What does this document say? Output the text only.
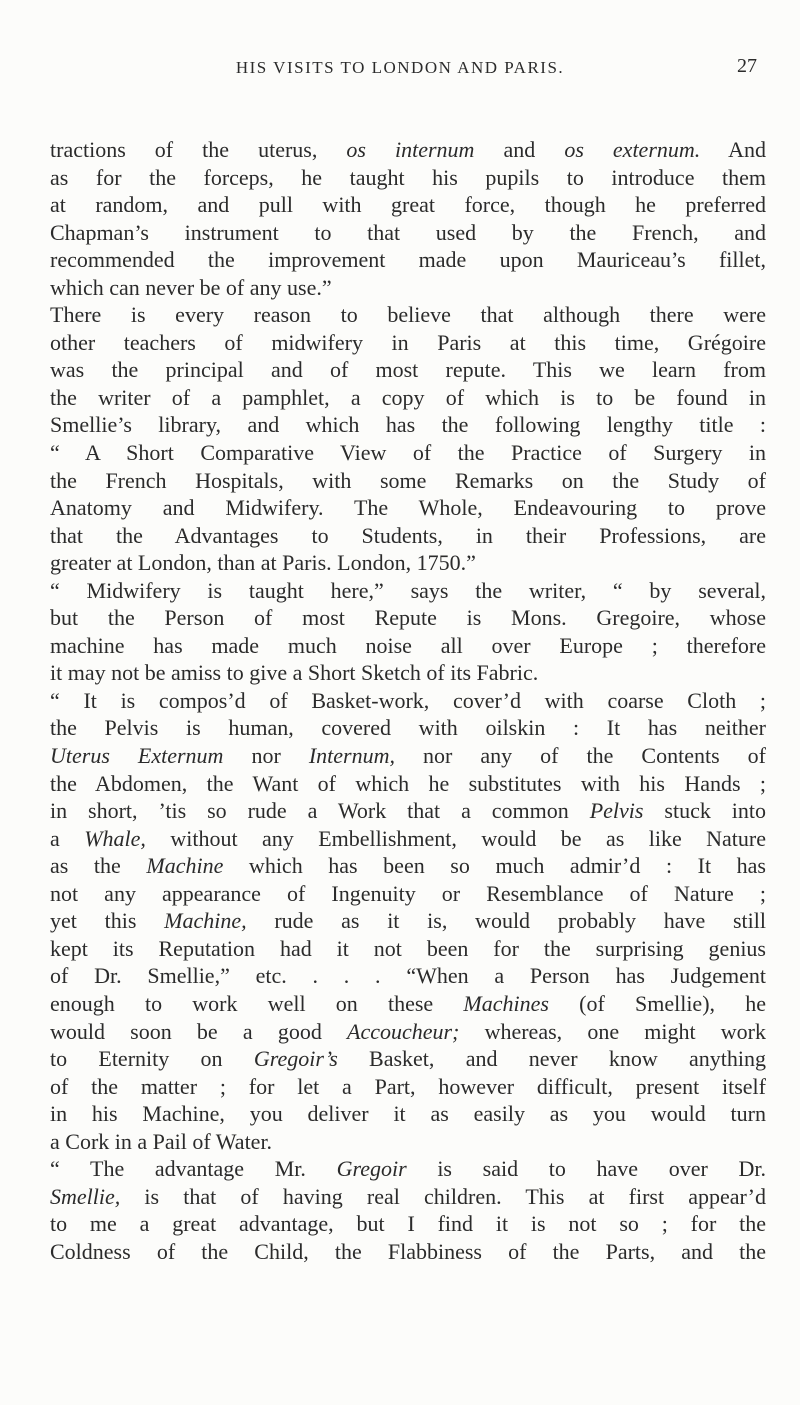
HIS VISITS TO LONDON AND PARIS.	27
tractions of the uterus, os internum and os externum. And
as for the forceps, he taught his pupils to introduce them
at random, and pull with great force, though he preferred
Chapman’s instrument to that used by the French, and
recommended the improvement made upon Mauriceau’s fillet,
which can never be of any use.”
There is every reason to believe that although there were
other teachers of midwifery in Paris at this time, Grégoire
was the principal and of most repute. This we learn from
the writer of a pamphlet, a copy of which is to be found in
Smellie’s library, and which has the following lengthy title :
“ A Short Comparative View of the Practice of Surgery in
the French Hospitals, with some Remarks on the Study of
Anatomy and Midwifery. The Whole, Endeavouring to prove
that the Advantages to Students, in their Professions, are
greater at London, than at Paris. London, 1750.”
“ Midwifery is taught here,” says the writer, “ by several,
but the Person of most Repute is Mons. Gregoire, whose
machine has made much noise all over Europe ; therefore
it may not be amiss to give a Short Sketch of its Fabric.
“ It is compos’d of Basket-work, cover’d with coarse Cloth ;
the Pelvis is human, covered with oilskin : It has neither
Uterus Externum nor Internum, nor any of the Contents of
the Abdomen, the Want of which he substitutes with his Hands ;
in short, ’tis so rude a Work that a common Pelvis stuck into
a Whale, without any Embellishment, would be as like Nature
as the Machine which has been so much admir’d : It has
not any appearance of Ingenuity or Resemblance of Nature ;
yet this Machine, rude as it is, would probably have still
kept its Reputation had it not been for the surprising genius
of Dr. Smellie,” etc. . . . “When a Person has Judgement
enough to work well on these Machines (of Smellie), he
would soon be a good Accoucheur; whereas, one might work
to Eternity on Gregoir’s Basket, and never know anything
of the matter ; for let a Part, however difficult, present itself
in his Machine, you deliver it as easily as you would turn
a Cork in a Pail of Water.
“ The advantage Mr. Gregoir is said to have over Dr.
Smellie, is that of having real children. This at first appear’d
to me a great advantage, but I find it is not so ; for the
Coldness of the Child, the Flabbiness of the Parts, and the
